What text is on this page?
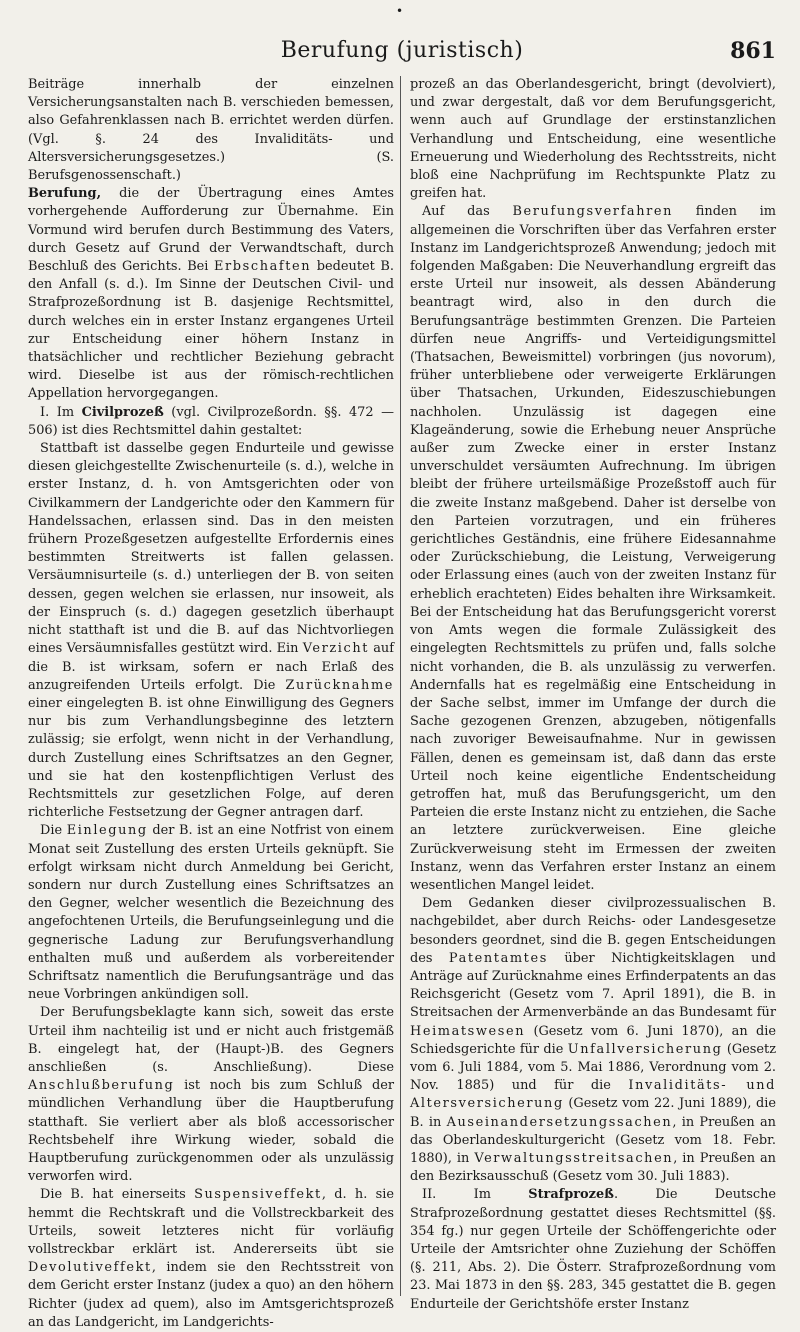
•
Berufung (juristisch)	861

Beiträge innerhalb der einzelnen Versicherungsanstalten nach B. verschieden bemessen, also Gefahrenklassen nach B. errichtet werden dürfen. (Vgl. §. 24 des Invaliditäts- und Altersversicherungsgesetzes.) (S. Berufsgenossenschaft.)

Berufung, die der Übertragung eines Amtes vorhergehende Aufforderung zur Übernahme. Ein Vormund wird berufen durch Bestimmung des Vaters, durch Gesetz auf Grund der Verwandtschaft, durch Beschluß des Gerichts. Bei Erbschaften bedeutet B. den Anfall (s. d.). Im Sinne der Deutschen Civil- und Strafprozeßordnung ist B. dasjenige Rechtsmittel, durch welches ein in erster Instanz ergangenes Urteil zur Entscheidung einer höhern Instanz in thatsächlicher und rechtlicher Beziehung gebracht wird. Dieselbe ist aus der römisch-rechtlichen Appellation hervorgegangen.

I. Im Civilprozeß (vgl. Civilprozeßordn. §§. 472 —506) ist dies Rechtsmittel dahin gestaltet:

Stattbaft ist dasselbe gegen Endurteile und gewisse diesen gleichgestellte Zwischenurteile (s. d.), welche in erster Instanz, d. h. von Amtsgerichten oder von Civilkammern der Landgerichte oder den Kammern für Handelssachen, erlassen sind. Das in den meisten frühern Prozeßgesetzen aufgestellte Erfordernis eines bestimmten Streitwerts ist fallen gelassen. Versäumnisurteile (s. d.) unterliegen der B. von seiten dessen, gegen welchen sie erlassen, nur insoweit, als der Einspruch (s. d.) dagegen gesetzlich überhaupt nicht statthaft ist und die B. auf das Nichtvorliegen eines Versäumnisfalles gestützt wird. Ein Verzicht auf die B. ist wirksam, sofern er nach Erlaß des anzugreifenden Urteils erfolgt. Die Zurücknahme einer eingelegten B. ist ohne Einwilligung des Gegners nur bis zum Verhandlungsbeginne des letztern zulässig; sie erfolgt, wenn nicht in der Verhandlung, durch Zustellung eines Schriftsatzes an den Gegner, und sie hat den kostenpflichtigen Verlust des Rechtsmittels zur gesetzlichen Folge, auf deren richterliche Festsetzung der Gegner antragen darf.

Die Einlegung der B. ist an eine Notfrist von einem Monat seit Zustellung des ersten Urteils geknüpft. Sie erfolgt wirksam nicht durch Anmeldung bei Gericht, sondern nur durch Zustellung eines Schriftsatzes an den Gegner, welcher wesentlich die Bezeichnung des angefochtenen Urteils, die Berufungseinlegung und die gegnerische Ladung zur Berufungsverhandlung enthalten muß und außerdem als vorbereitender Schriftsatz namentlich die Berufungsanträge und das neue Vorbringen ankündigen soll.

Der Berufungsbeklagte kann sich, soweit das erste Urteil ihm nachteilig ist und er nicht auch fristgemäß B. eingelegt hat, der (Haupt-)B. des Gegners anschließen (s. Anschließung). Diese Anschlußberufung ist noch bis zum Schluß der mündlichen Verhandlung über die Hauptberufung statthaft. Sie verliert aber als bloß accessorischer Rechtsbehelf ihre Wirkung wieder, sobald die Hauptberufung zurückgenommen oder als unzulässig verworfen wird.

Die B. hat einerseits Suspensiveffekt, d. h. sie hemmt die Rechtskraft und die Vollstreckbarkeit des Urteils, soweit letzteres nicht für vorläufig vollstreckbar erklärt ist. Andererseits übt sie Devolutiveffekt, indem sie den Rechtsstreit von dem Gericht erster Instanz (judex a quo) an den höhern Richter (judex ad quem), also im Amtsgerichtsprozeß an das Landgericht, im Landgerichts-

prozeß an das Oberlandesgericht, bringt (devolviert), und zwar dergestalt, daß vor dem Berufungsgericht, wenn auch auf Grundlage der erstinstanzlichen Verhandlung und Entscheidung, eine wesentliche Erneuerung und Wiederholung des Rechtsstreits, nicht bloß eine Nachprüfung im Rechtspunkte Platz zu greifen hat.

Auf das Berufungsverfahren finden im allgemeinen die Vorschriften über das Verfahren erster Instanz im Landgerichtsprozeß Anwendung; jedoch mit folgenden Maßgaben: Die Neuverhandlung ergreift das erste Urteil nur insoweit, als dessen Abänderung beantragt wird, also in den durch die Berufungsanträge bestimmten Grenzen. Die Parteien dürfen neue Angriffs- und Verteidigungsmittel (Thatsachen, Beweismittel) vorbringen (jus novorum), früher unterbliebene oder verweigerte Erklärungen über Thatsachen, Urkunden, Eideszuschiebungen nachholen. Unzulässig ist dagegen eine Klageänderung, sowie die Erhebung neuer Ansprüche außer zum Zwecke einer in erster Instanz unverschuldet versäumten Aufrechnung. Im übrigen bleibt der frühere urteilsmäßige Prozeßstoff auch für die zweite Instanz maßgebend. Daher ist derselbe von den Parteien vorzutragen, und ein früheres gerichtliches Geständnis, eine frühere Eidesannahme oder Zurückschiebung, die Leistung, Verweigerung oder Erlassung eines (auch von der zweiten Instanz für erheblich erachteten) Eides behalten ihre Wirksamkeit. Bei der Entscheidung hat das Berufungsgericht vorerst von Amts wegen die formale Zulässigkeit des eingelegten Rechtsmittels zu prüfen und, falls solche nicht vorhanden, die B. als unzulässig zu verwerfen. Andernfalls hat es regelmäßig eine Entscheidung in der Sache selbst, immer im Umfange der durch die Sache gezogenen Grenzen, abzugeben, nötigenfalls nach zuvoriger Beweisaufnahme. Nur in gewissen Fällen, denen es gemeinsam ist, daß dann das erste Urteil noch keine eigentliche Endentscheidung getroffen hat, muß das Berufungsgericht, um den Parteien die erste Instanz nicht zu entziehen, die Sache an letztere zurückverweisen. Eine gleiche Zurückverweisung steht im Ermessen der zweiten Instanz, wenn das Verfahren erster Instanz an einem wesentlichen Mangel leidet.

Dem Gedanken dieser civilprozessualischen B. nachgebildet, aber durch Reichs- oder Landesgesetze besonders geordnet, sind die B. gegen Entscheidungen des Patentamtes über Nichtigkeitsklagen und Anträge auf Zurücknahme eines Erfinderpatents an das Reichsgericht (Gesetz vom 7. April 1891), die B. in Streitsachen der Armenverbände an das Bundesamt für Heimatswesen (Gesetz vom 6. Juni 1870), an die Schiedsgerichte für die Unfallversicherung (Gesetz vom 6. Juli 1884, vom 5. Mai 1886, Verordnung vom 2. Nov. 1885) und für die Invaliditäts- und Altersversicherung (Gesetz vom 22. Juni 1889), die B. in Auseinandersetzungssachen, in Preußen an das Oberlandeskulturgericht (Gesetz vom 18. Febr. 1880), in Verwaltungsstreitsachen, in Preußen an den Bezirksausschuß (Gesetz vom 30. Juli 1883).

II. Im Strafprozeß. Die Deutsche Strafprozeßordnung gestattet dieses Rechtsmittel (§§. 354 fg.) nur gegen Urteile der Schöffengerichte oder Urteile der Amtsrichter ohne Zuziehung der Schöffen (§. 211, Abs. 2). Die Österr. Strafprozeßordnung vom 23. Mai 1873 in den §§. 283, 345 gestattet die B. gegen Endurteile der Gerichtshöfe erster Instanz
